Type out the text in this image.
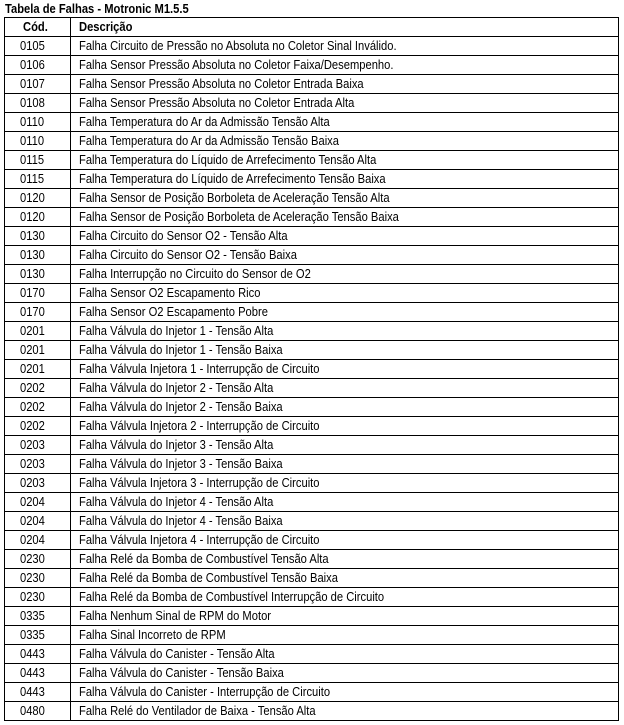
Tabela de Falhas - Motronic M1.5.5
Cód.	Descrição
0105	Falha Circuito de Pressão no Absoluta no Coletor Sinal Inválido.
0106	Falha Sensor Pressão Absoluta no Coletor Faixa/Desempenho.
0107	Falha Sensor Pressão Absoluta no Coletor Entrada Baixa
0108	Falha Sensor Pressão Absoluta no Coletor Entrada Alta
0110	Falha Temperatura do Ar da Admissão Tensão Alta
0110	Falha Temperatura do Ar da Admissão Tensão Baixa
0115	Falha Temperatura do Líquido de Arrefecimento Tensão Alta
0115	Falha Temperatura do Líquido de Arrefecimento Tensão Baixa
0120	Falha Sensor de Posição Borboleta de Aceleração Tensão Alta
0120	Falha Sensor de Posição Borboleta de Aceleração Tensão Baixa
0130	Falha Circuito do Sensor O2 - Tensão Alta
0130	Falha Circuito do Sensor O2 - Tensão Baixa
0130	Falha Interrupção no Circuito do Sensor de O2
0170	Falha Sensor O2 Escapamento Rico
0170	Falha Sensor O2 Escapamento Pobre
0201	Falha Válvula do Injetor 1 - Tensão Alta
0201	Falha Válvula do Injetor 1 - Tensão Baixa
0201	Falha Válvula Injetora 1 - Interrupção de Circuito
0202	Falha Válvula do Injetor 2 - Tensão Alta
0202	Falha Válvula do Injetor 2 - Tensão Baixa
0202	Falha Válvula Injetora 2 - Interrupção de Circuito
0203	Falha Válvula do Injetor 3 - Tensão Alta
0203	Falha Válvula do Injetor 3 - Tensão Baixa
0203	Falha Válvula Injetora 3 - Interrupção de Circuito
0204	Falha Válvula do Injetor 4 - Tensão Alta
0204	Falha Válvula do Injetor 4 - Tensão Baixa
0204	Falha Válvula Injetora 4 - Interrupção de Circuito
0230	Falha Relé da Bomba de Combustível Tensão Alta
0230	Falha Relé da Bomba de Combustível Tensão Baixa
0230	Falha Relé da Bomba de Combustível Interrupção de Circuito
0335	Falha Nenhum Sinal de RPM do Motor
0335	Falha Sinal Incorreto de RPM
0443	Falha Válvula do Canister - Tensão Alta
0443	Falha Válvula do Canister - Tensão Baixa
0443	Falha Válvula do Canister - Interrupção de Circuito
0480	Falha Relé do Ventilador de Baixa - Tensão Alta
